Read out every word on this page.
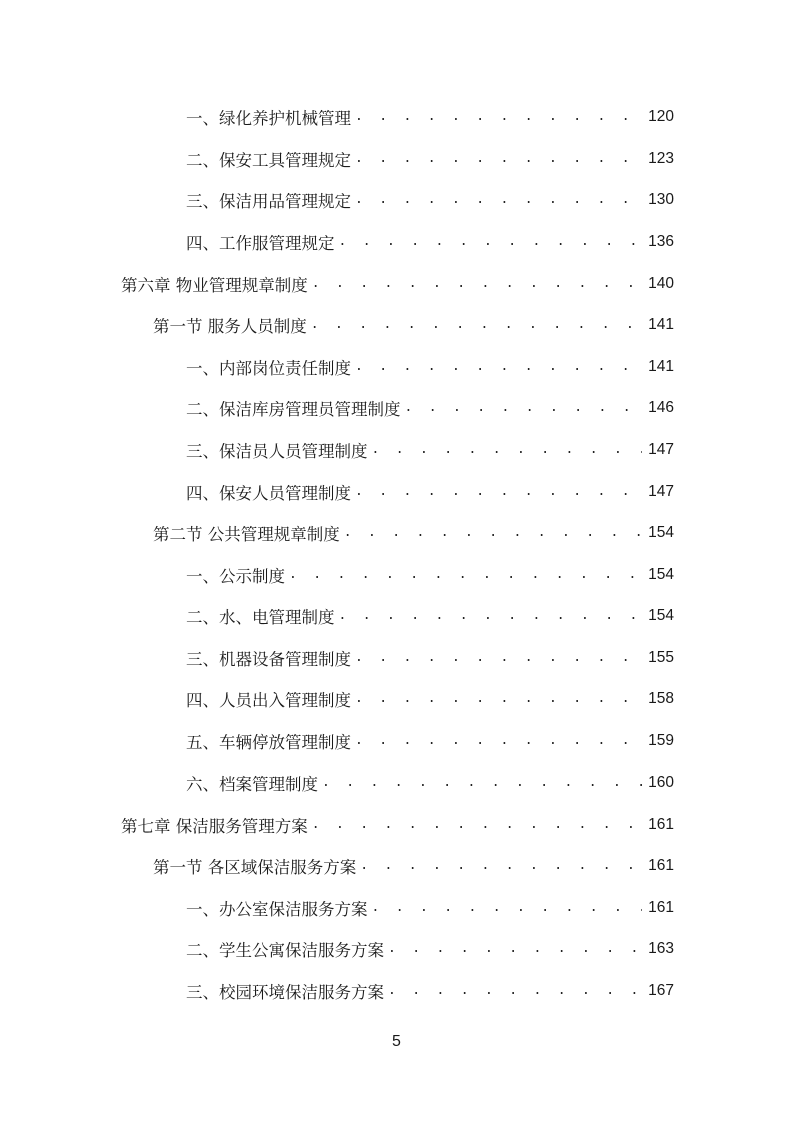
一、绿化养护机械管理 . . .	120
二、保安工具管理规定 . . .	123
三、保洁用品管理规定 . . .	130
四、工作服管理规定 . . .	136
第六章 物业管理规章制度 . . .	140
第一节 服务人员制度 . . .	141
一、内部岗位责任制度 . . .	141
二、保洁库房管理员管理制度 . . .	146
三、保洁员人员管理制度 . . .	147
四、保安人员管理制度 . . .	147
第二节 公共管理规章制度 . . .	154
一、公示制度 . . .	154
二、水、电管理制度 . . .	154
三、机器设备管理制度 . . .	155
四、人员出入管理制度 . . .	158
五、车辆停放管理制度 . . .	159
六、档案管理制度 . . .	160
第七章 保洁服务管理方案 . . .	161
第一节 各区域保洁服务方案 . . .	161
一、办公室保洁服务方案 . . .	161
二、学生公寓保洁服务方案 . . .	163
三、校园环境保洁服务方案 . . .	167
5
